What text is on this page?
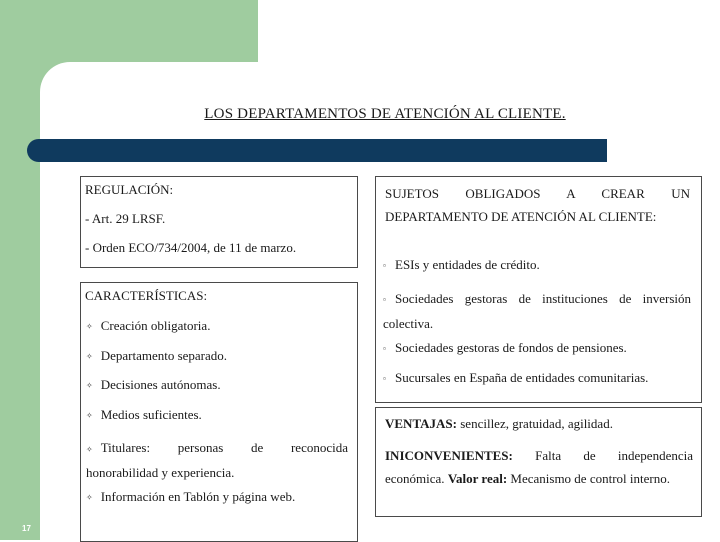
LOS DEPARTAMENTOS DE ATENCIÓN AL CLIENTE.
17
REGULACIÓN:
- Art. 29 LRSF.
- Orden ECO/734/2004, de 11 de marzo.
SUJETOS OBLIGADOS A CREAR UN DEPARTAMENTO DE ATENCIÓN AL CLIENTE:
▫ ESIs y entidades de crédito.
▫ Sociedades gestoras de instituciones de inversión colectiva.
▫ Sociedades gestoras de fondos de pensiones.
▫ Sucursales en España de entidades comunitarias.
CARACTERÍSTICAS:
✧ Creación obligatoria.
✧ Departamento separado.
✧ Decisiones autónomas.
✧ Medios suficientes.
✧ Titulares: personas de reconocida honorabilidad y experiencia.
✧ Información en Tablón y página web.
VENTAJAS: sencillez, gratuidad, agilidad.
INICONVENIENTES: Falta de independencia económica. Valor real: Mecanismo de control interno.
